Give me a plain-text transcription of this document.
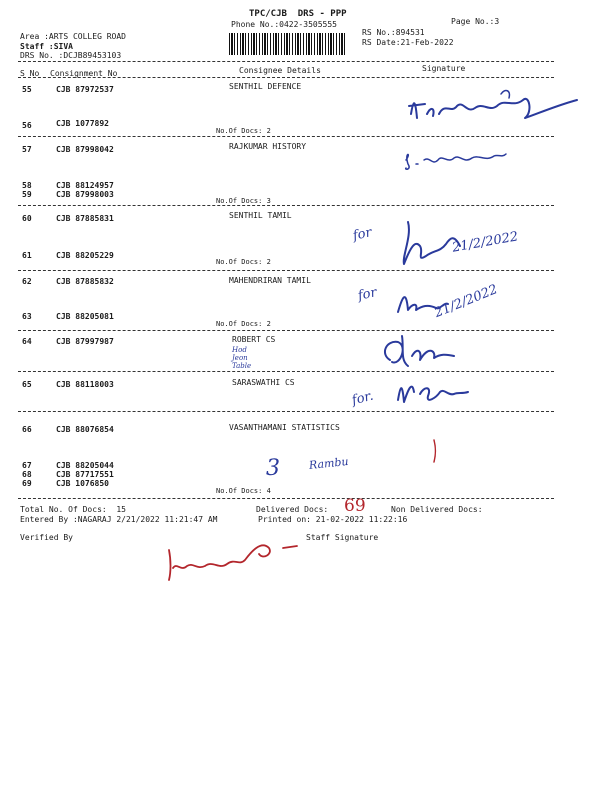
TPC/CJB  DRS - PPP
Phone No.:0422-3505555	Page No.:3
Area :ARTS COLLEG ROAD
Staff :SIVA
DRS No. :DCJB89453103
RS No.:894531
RS Date:21-Feb-2022
S No Consignment No	Consignee Details	Signature
55	CJB 87972537	SENTHIL DEFENCE
56	CJB 1077892
No.Of Docs: 2
57	CJB 87998042	RAJKUMAR HISTORY
58	CJB 88124957
59	CJB 87998003
No.Of Docs: 3
60	CJB 87885831	SENTHIL TAMIL
61	CJB 88205229
No.Of Docs: 2
62	CJB 87885832	MAHENDRIRAN TAMIL
63	CJB 88205081
No.Of Docs: 2
64	CJB 87997987	ROBERT CS
Hod
Jeon
Table
65	CJB 88118003	SARASWATHI CS
66	CJB 88076854	VASANTHAMANI STATISTICS
67	CJB 88205044
68	CJB 87717551
69	CJB 1076850
No.Of Docs: 4
Total No. Of Docs:  15	Delivered Docs:	Non Delivered Docs:
Entered By :NAGARAJ 2/21/2022 11:21:47 AM	Printed on: 21-02-2022 11:22:16
Verified By	Staff Signature
for	21/2/2022
for	21/2/2022
for.
69
3	Rambu
